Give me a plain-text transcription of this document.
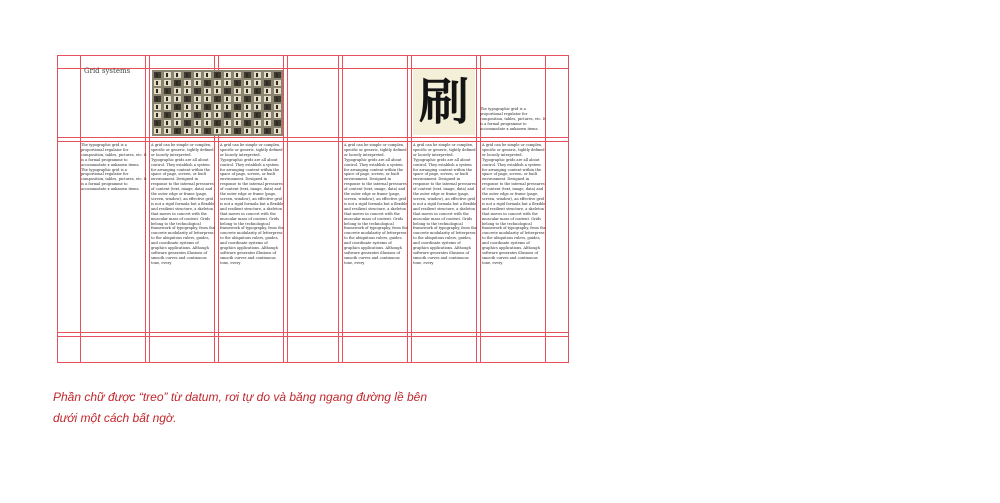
Grid systems

刷	The typographic grid is a proportional regulator for composition, tables, pictures, etc. It is a formal programme to accommodate x unknown items.

The typographic grid is a proportional regulator for composition, tables, pictures, etc. It is a formal programme to accommodate x unknown items. The typographic grid is a proportional regulator for composition, tables, pictures, etc. It is a formal programme to accommodate x unknown items.

A grid can be simple or complex, specific or generic, tightly defined or loosely interpreted. Typographic grids are all about control. They establish a system for arranging content within the space of page, screen, or built environment. Designed in response to the internal pressures of content (text, image, data) and the outer edge or frame (page, screen, window), an effective grid is not a rigid formula but a flexible and resilient structure, a skeleton that moves in concert with the muscular mass of content. Grids belong to the technological framework of typography, from the concrete modularity of letterpress to the ubiquitous rulers, guides, and coordinate systems of graphics applications. Although software generates illusions of smooth curves and continuous tone, every

A grid can be simple or complex, specific or generic, tightly defined or loosely interpreted. Typographic grids are all about control. They establish a system for arranging content within the space of page, screen, or built environment. Designed in response to the internal pressures of content (text, image, data) and the outer edge or frame (page, screen, window), an effective grid is not a rigid formula but a flexible and resilient structure, a skeleton that moves in concert with the muscular mass of content. Grids belong to the technological framework of typography, from the concrete modularity of letterpress to the ubiquitous rulers, guides, and coordinate systems of graphics applications. Although software generates illusions of smooth curves and continuous tone, every

A grid can be simple or complex, specific or generic, tightly defined or loosely interpreted. Typographic grids are all about control. They establish a system for arranging content within the space of page, screen, or built environment. Designed in response to the internal pressures of content (text, image, data) and the outer edge or frame (page, screen, window), an effective grid is not a rigid formula but a flexible and resilient structure, a skeleton that moves in concert with the muscular mass of content. Grids belong to the technological framework of typography, from the concrete modularity of letterpress to the ubiquitous rulers, guides, and coordinate systems of graphics applications. Although software generates illusions of smooth curves and continuous tone, every

A grid can be simple or complex, specific or generic, tightly defined or loosely interpreted. Typographic grids are all about control. They establish a system for arranging content within the space of page, screen, or built environment. Designed in response to the internal pressures of content (text, image, data) and the outer edge or frame (page, screen, window), an effective grid is not a rigid formula but a flexible and resilient structure, a skeleton that moves in concert with the muscular mass of content. Grids belong to the technological framework of typography, from the concrete modularity of letterpress to the ubiquitous rulers, guides, and coordinate systems of graphics applications. Although software generates illusions of smooth curves and continuous tone, every

A grid can be simple or complex, specific or generic, tightly defined or loosely interpreted. Typographic grids are all about control. They establish a system for arranging content within the space of page, screen, or built environment. Designed in response to the internal pressures of content (text, image, data) and the outer edge or frame (page, screen, window), an effective grid is not a rigid formula but a flexible and resilient structure, a skeleton that moves in concert with the muscular mass of content. Grids belong to the technological framework of typography, from the concrete modularity of letterpress to the ubiquitous rulers, guides, and coordinate systems of graphics applications. Although software generates illusions of smooth curves and continuous tone, every

Phần chữ được “treo” từ datum, rơi tự do và băng ngang đường lề bên
dưới một cách bất ngờ.
